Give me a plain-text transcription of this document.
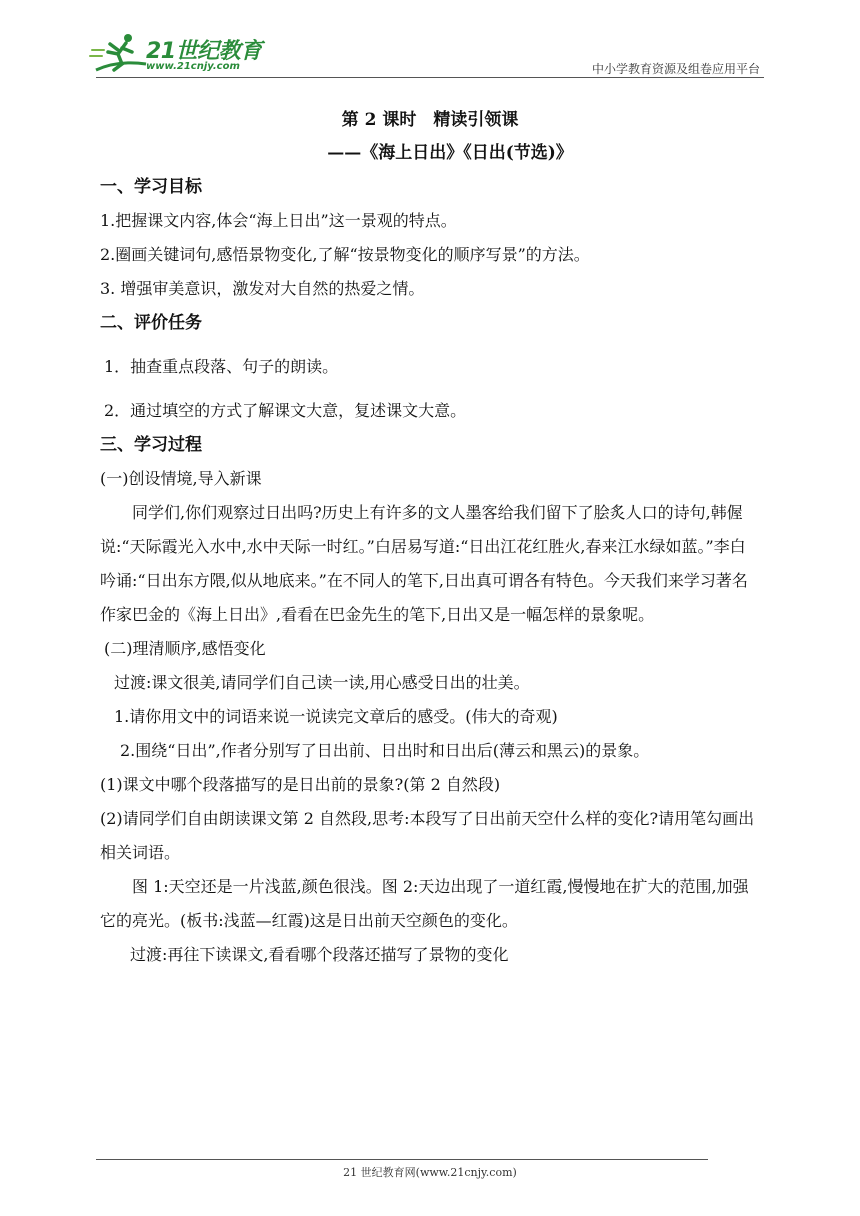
21世纪教育
www.21cnjy.com	中小学教育资源及组卷应用平台
第 2 课时　精读引领课
——《海上日出》《日出(节选)》
一、学习目标
1.把握课文内容,体会“海上日出”这一景观的特点。
2.圈画关键词句,感悟景物变化,了解“按景物变化的顺序写景”的方法。
3. 增强审美意识，激发对大自然的热爱之情。
二、评价任务
1．抽查重点段落、句子的朗读。
2．通过填空的方式了解课文大意，复述课文大意。
三、学习过程
(一)创设情境,导入新课
同学们,你们观察过日出吗?历史上有许多的文人墨客给我们留下了脍炙人口的诗句,韩偓说:“天际霞光入水中,水中天际一时红。”白居易写道:“日出江花红胜火,春来江水绿如蓝。”李白吟诵:“日出东方隈,似从地底来。”在不同人的笔下,日出真可谓各有特色。今天我们来学习著名作家巴金的《海上日出》,看看在巴金先生的笔下,日出又是一幅怎样的景象呢。
(二)理清顺序,感悟变化
过渡:课文很美,请同学们自己读一读,用心感受日出的壮美。
1.请你用文中的词语来说一说读完文章后的感受。(伟大的奇观)
2.围绕“日出”,作者分别写了日出前、日出时和日出后(薄云和黑云)的景象。
(1)课文中哪个段落描写的是日出前的景象?(第 2 自然段)
(2)请同学们自由朗读课文第 2 自然段,思考:本段写了日出前天空什么样的变化?请用笔勾画出相关词语。
图 1:天空还是一片浅蓝,颜色很浅。图 2:天边出现了一道红霞,慢慢地在扩大的范围,加强它的亮光。(板书:浅蓝—红霞)这是日出前天空颜色的变化。
过渡:再往下读课文,看看哪个段落还描写了景物的变化
21 世纪教育网(www.21cnjy.com)
